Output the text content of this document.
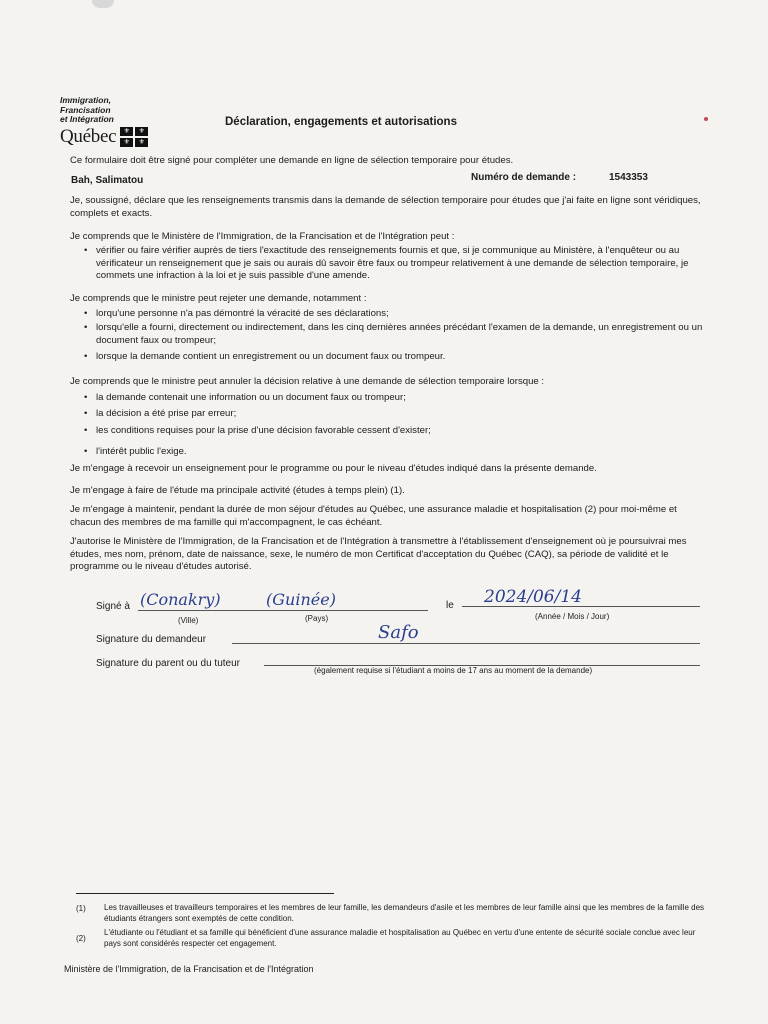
Immigration,
Francisation
et Intégration
Québec	⚜	⚜
⚜	⚜
Déclaration, engagements et autorisations
Ce formulaire doit être signé pour compléter une demande en ligne de sélection temporaire pour études.
Bah, Salimatou	Numéro de demande :	1543353
Je, soussigné, déclare que les renseignements transmis dans la demande de sélection temporaire pour études que j'ai faite en ligne sont véridiques, complets et exacts.
Je comprends que le Ministère de l'Immigration, de la Francisation et de l'Intégration peut :
• vérifier ou faire vérifier auprès de tiers l'exactitude des renseignements fournis et que, si je communique au Ministère, à l'enquêteur ou au vérificateur un renseignement que je sais ou aurais dû savoir être faux ou trompeur relativement à une demande de sélection temporaire, je commets une infraction à la loi et je suis passible d'une amende.
Je comprends que le ministre peut rejeter une demande, notamment :
• lorqu'une personne n'a pas démontré la véracité de ses déclarations;
• lorsqu'elle a fourni, directement ou indirectement, dans les cinq dernières années précédant l'examen de la demande, un enregistrement ou un document faux ou trompeur;
• lorsque la demande contient un enregistrement ou un document faux ou trompeur.
Je comprends que le ministre peut annuler la décision relative à une demande de sélection temporaire lorsque :
• la demande contenait une information ou un document faux ou trompeur;
• la décision a été prise par erreur;
• les conditions requises pour la prise d'une décision favorable cessent d'exister;
• l'intérêt public l'exige.
Je m'engage à recevoir un enseignement pour le programme ou pour le niveau d'études indiqué dans la présente demande.
Je m'engage à faire de l'étude ma principale activité (études à temps plein) (1).
Je m'engage à maintenir, pendant la durée de mon séjour d'études au Québec, une assurance maladie et hospitalisation (2) pour moi-même et chacun des membres de ma famille qui m'accompagnent, le cas échéant.
J'autorise le Ministère de l'Immigration, de la Francisation et de l'Intégration à transmettre à l'établissement d'enseignement où je poursuivrai mes études, mes nom, prénom, date de naissance, sexe, le numéro de mon Certificat d'acceptation du Québec (CAQ), sa période de validité et le programme ou le niveau d'études autorisé.
Signé à (Conakry)	(Guinée)
(Ville)	(Pays)
le 2024/06/14
(Année / Mois / Jour)
Signature du demandeur	Safo
Signature du parent ou du tuteur
(également requise si l'étudiant a moins de 17 ans au moment de la demande)
(1) Les travailleuses et travailleurs temporaires et les membres de leur famille, les demandeurs d'asile et les membres de leur famille ainsi que les membres de la famille des étudiants étrangers sont exemptés de cette condition.
(2)
L'étudiante ou l'étudiant et sa famille qui bénéficient d'une assurance maladie et hospitalisation au Québec en vertu d'une entente de sécurité sociale conclue avec leur pays sont considérés respecter cet engagement.
Ministère de l'Immigration, de la Francisation et de l'Intégration
